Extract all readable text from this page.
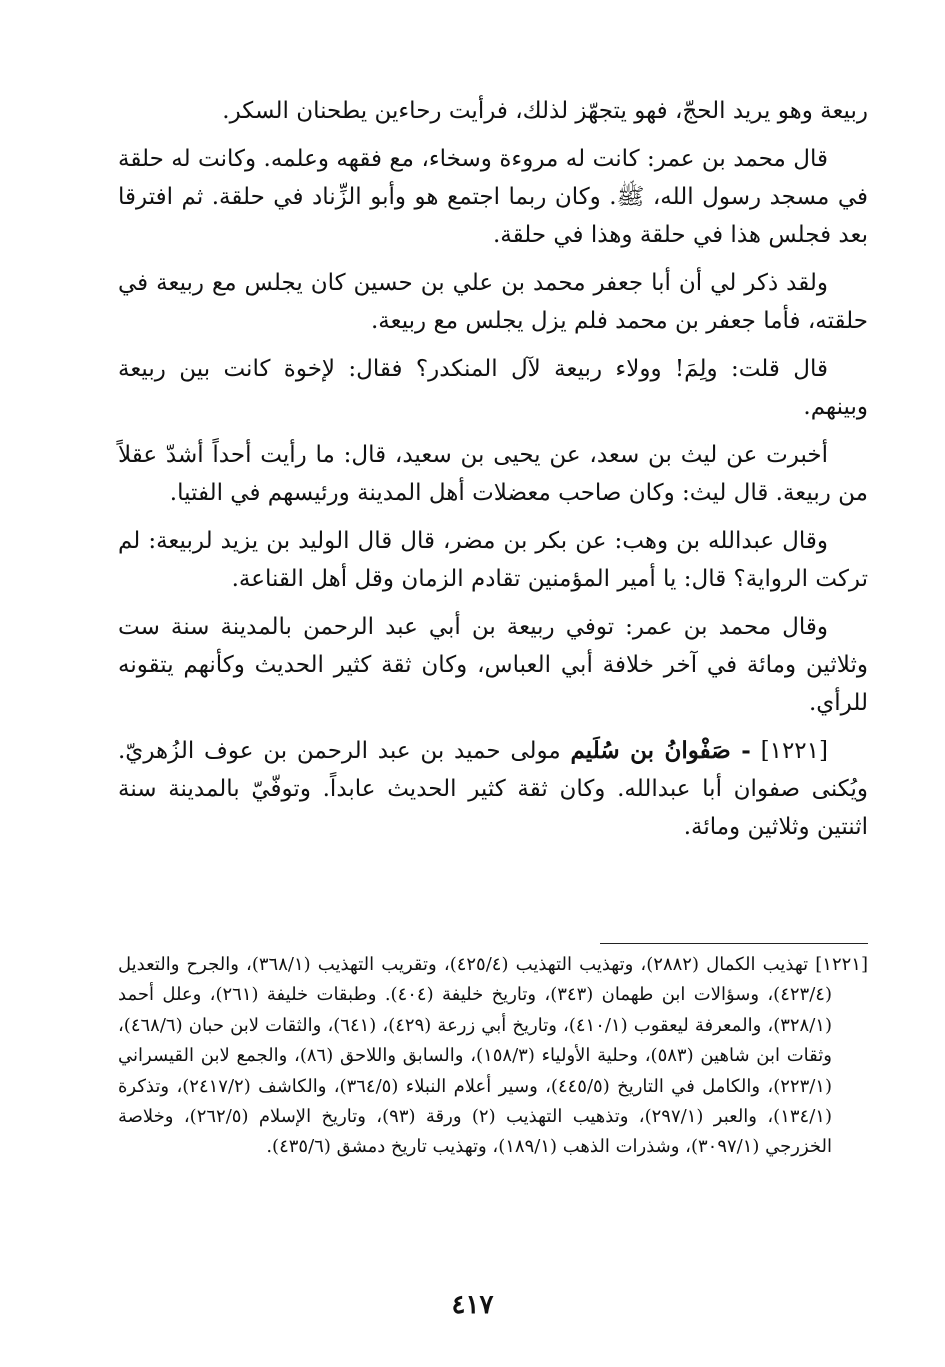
ربيعة وهو يريد الحجّ، فهو يتجهّز لذلك، فرأيت رحاءين يطحنان السكر.

قال محمد بن عمر: كانت له مروءة وسخاء، مع فقهه وعلمه. وكانت له حلقة في مسجد رسول الله، ﷺ. وكان ربما اجتمع هو وأبو الزِّناد في حلقة. ثم افترقا بعد فجلس هذا في حلقة وهذا في حلقة.

ولقد ذكر لي أن أبا جعفر محمد بن علي بن حسين كان يجلس مع ربيعة في حلقته، فأما جعفر بن محمد فلم يزل يجلس مع ربيعة.

قال قلت: ولِمَ! وولاء ربيعة لآل المنكدر؟ فقال: لإخوة كانت بين ربيعة وبينهم.

أخبرت عن ليث بن سعد، عن يحيى بن سعيد، قال: ما رأيت أحداً أشدّ عقلاً من ربيعة. قال ليث: وكان صاحب معضلات أهل المدينة ورئيسهم في الفتيا.

وقال عبدالله بن وهب: عن بكر بن مضر، قال قال الوليد بن يزيد لربيعة: لم تركت الرواية؟ قال: يا أمير المؤمنين تقادم الزمان وقل أهل القناعة.

وقال محمد بن عمر: توفي ربيعة بن أبي عبد الرحمن بالمدينة سنة ست وثلاثين ومائة في آخر خلافة أبي العباس، وكان ثقة كثير الحديث وكأنهم يتقونه للرأي.

[١٢٢١] - صَفْوانُ بن سُلَيم مولى حميد بن عبد الرحمن بن عوف الزُهريّ. ويُكنى صفوان أبا عبدالله. وكان ثقة كثير الحديث عابداً. وتوفّيّ بالمدينة سنة اثنتين وثلاثين ومائة.

[١٢٢١] تهذيب الكمال (٢٨٨٢)، وتهذيب التهذيب (٤٢٥/٤)، وتقريب التهذيب (٣٦٨/١)، والجرح والتعديل (٤٢٣/٤)، وسؤالات ابن طهمان (٣٤٣)، وتاريخ خليفة (٤٠٤). وطبقات خليفة (٢٦١)، وعلل أحمد (٣٢٨/١)، والمعرفة ليعقوب (٤١٠/١)، وتاريخ أبي زرعة (٤٢٩)، (٦٤١)، والثقات لابن حبان (٤٦٨/٦)، وثقات ابن شاهين (٥٨٣)، وحلية الأولياء (١٥٨/٣)، والسابق واللاحق (٨٦)، والجمع لابن القيسراني (٢٢٣/١)، والكامل في التاريخ (٤٤٥/٥)، وسير أعلام النبلاء (٣٦٤/٥)، والكاشف (٢٤١٧/٢)، وتذكرة (١٣٤/١)، والعبر (٢٩٧/١)، وتذهيب التهذيب (٢) ورقة (٩٣)، وتاريخ الإسلام (٢٦٢/٥)، وخلاصة الخزرجي (٣٠٩٧/١)، وشذرات الذهب (١٨٩/١)، وتهذيب تاريخ دمشق (٤٣٥/٦).

٤١٧
